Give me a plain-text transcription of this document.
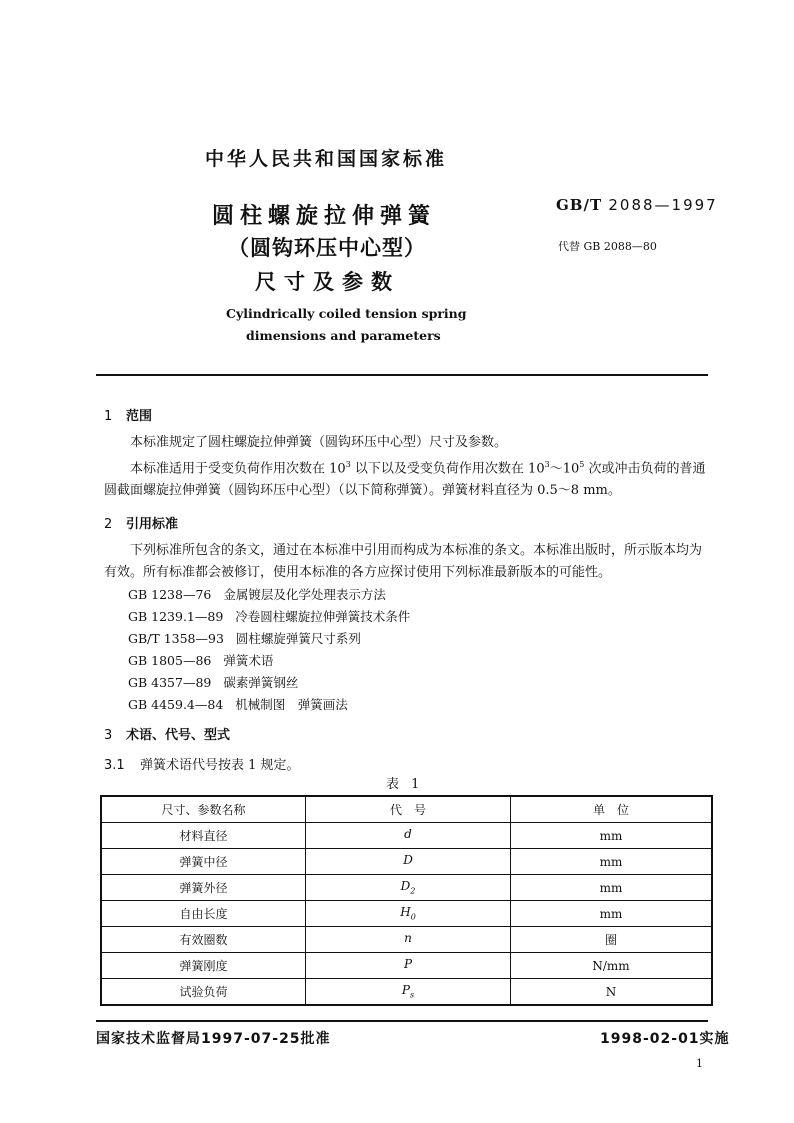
中华人民共和国国家标准
圆柱螺旋拉伸弹簧
（圆钩环压中心型）
尺寸及参数
Cylindrically coiled tension spring
dimensions and parameters
GB/T 2088—1997
代替 GB 2088—80
1 范围
本标准规定了圆柱螺旋拉伸弹簧（圆钩环压中心型）尺寸及参数。
本标准适用于受变负荷作用次数在 $10^3$ 以下以及受变负荷作用次数在 $10^3\sim 10^5$ 次或冲击负荷的普通圆截面螺旋拉伸弹簧（圆钩环压中心型）（以下简称弹簧）。弹簧材料直径为 0.5～8 mm。
2 引用标准
下列标准所包含的条文，通过在本标准中引用而构成为本标准的条文。本标准出版时，所示版本均为有效。所有标准都会被修订，使用本标准的各方应探讨使用下列标准最新版本的可能性。
GB 1238—76 金属镀层及化学处理表示方法
GB 1239.1—89 冷卷圆柱螺旋拉伸弹簧技术条件
GB/T 1358—93 圆柱螺旋弹簧尺寸系列
GB 1805—86 弹簧术语
GB 4357—89 碳素弹簧钢丝
GB 4459.4—84 机械制图　弹簧画法
3 术语、代号、型式
3.1 弹簧术语代号按表 1 规定。
表 1
尺寸、参数名称	代　号	单　位
材料直径	d	mm
弹簧中径	D	mm
弹簧外径	$D_2$	mm
自由长度	$H_0$	mm
有效圈数	n	圈
弹簧刚度	P	N/mm
试验负荷	$P_s$	N
国家技术监督局1997-07-25批准	1998-02-01实施
1
